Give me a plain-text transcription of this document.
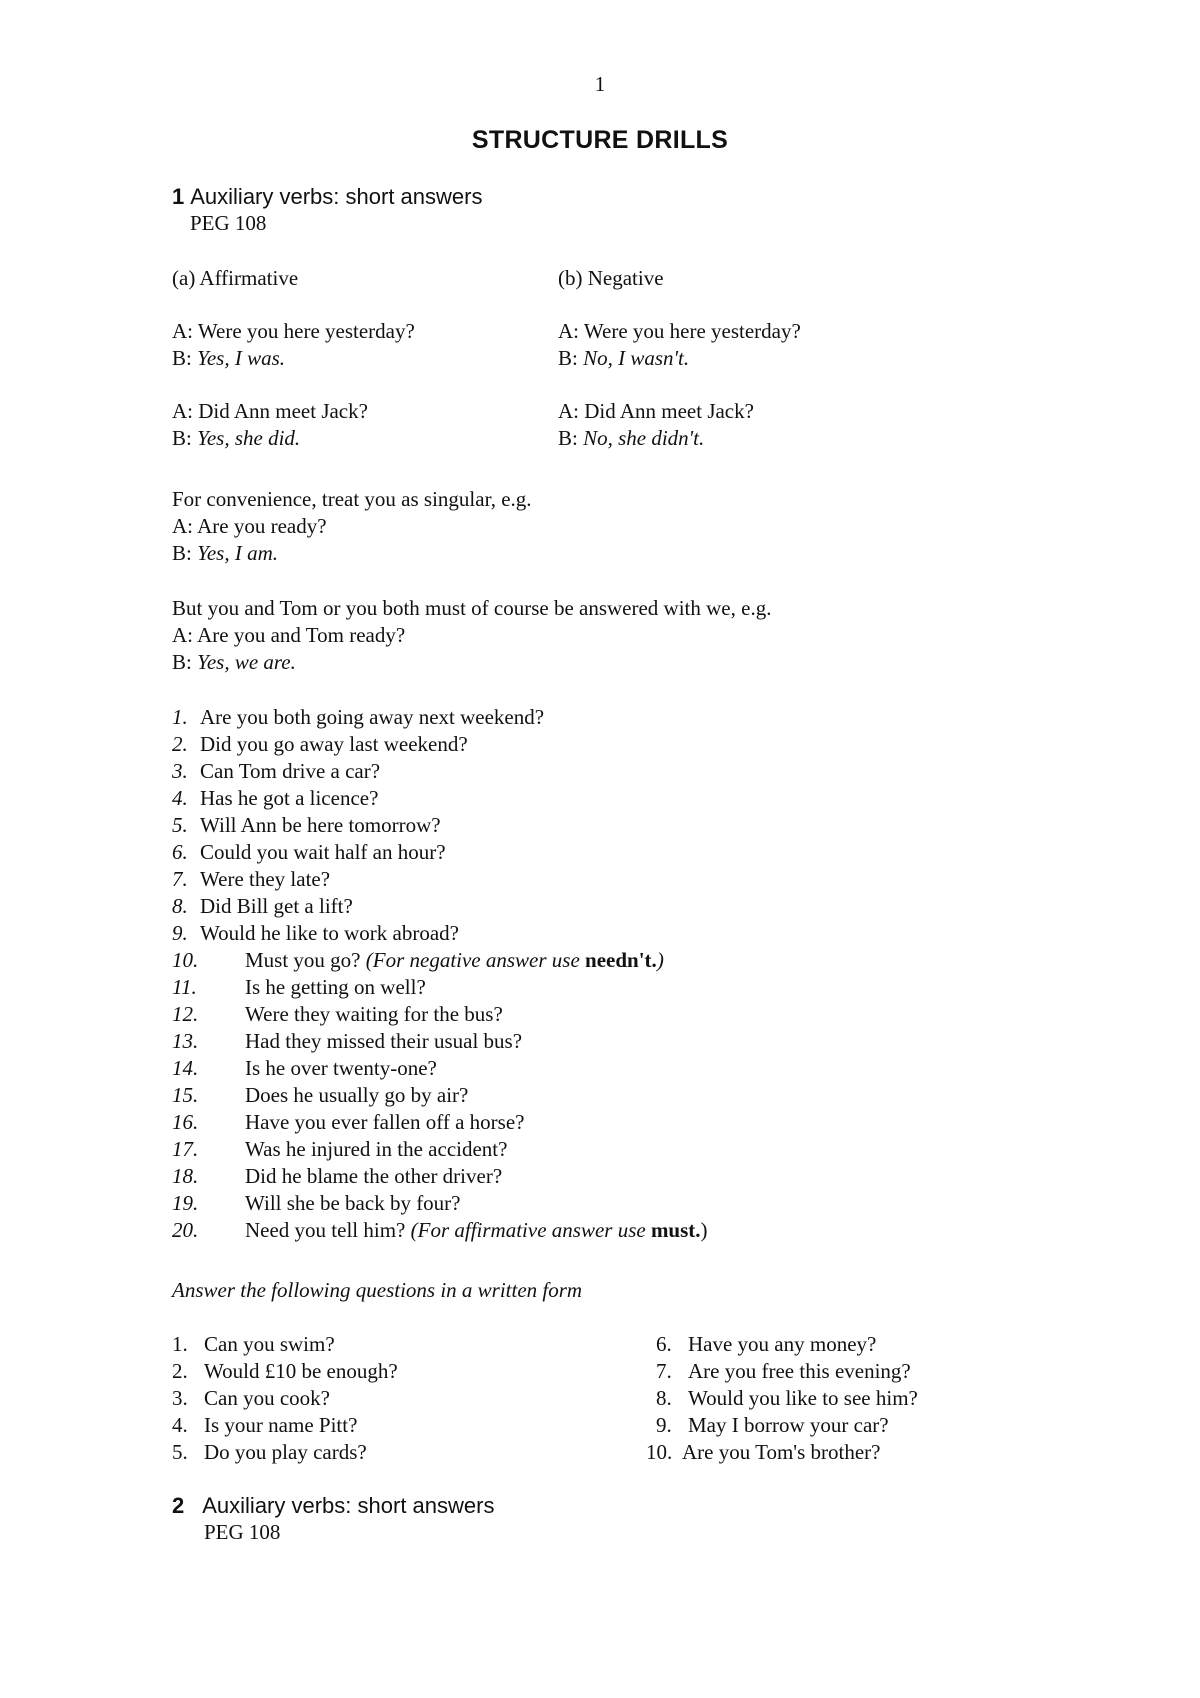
1
STRUCTURE DRILLS
1 Auxiliary verbs: short answers
PEG 108
(a) Affirmative
A: Were you here yesterday?
B: Yes, I was.
A: Did Ann meet Jack?
B: Yes, she did.
(b) Negative
A: Were you here yesterday?
B: No, I wasn't.
A: Did Ann meet Jack?
B: No, she didn't.
For convenience, treat you as singular, e.g.
A: Are you ready?
B: Yes, I am.
But you and Tom or you both must of course be answered with we, e.g.
A: Are you and Tom ready?
B: Yes, we are.
1. Are you both going away next weekend?
2. Did you go away last weekend?
3. Can Tom drive a car?
4. Has he got a licence?
5. Will Ann be here tomorrow?
6. Could you wait half an hour?
7. Were they late?
8. Did Bill get a lift?
9. Would he like to work abroad?
10. Must you go? (For negative answer use needn't.)
11. Is he getting on well?
12. Were they waiting for the bus?
13. Had they missed their usual bus?
14. Is he over twenty-one?
15. Does he usually go by air?
16. Have you ever fallen off a horse?
17. Was he injured in the accident?
18. Did he blame the other driver?
19. Will she be back by four?
20. Need you tell him? (For affirmative answer use must.)
Answer the following questions in a written form
1. Can you swim?
2. Would £10 be enough?
3. Can you cook?
4. Is your name Pitt?
5. Do you play cards?
6. Have you any money?
7. Are you free this evening?
8. Would you like to see him?
9. May I borrow your car?
10. Are you Tom's brother?
2 Auxiliary verbs: short answers
PEG 108
